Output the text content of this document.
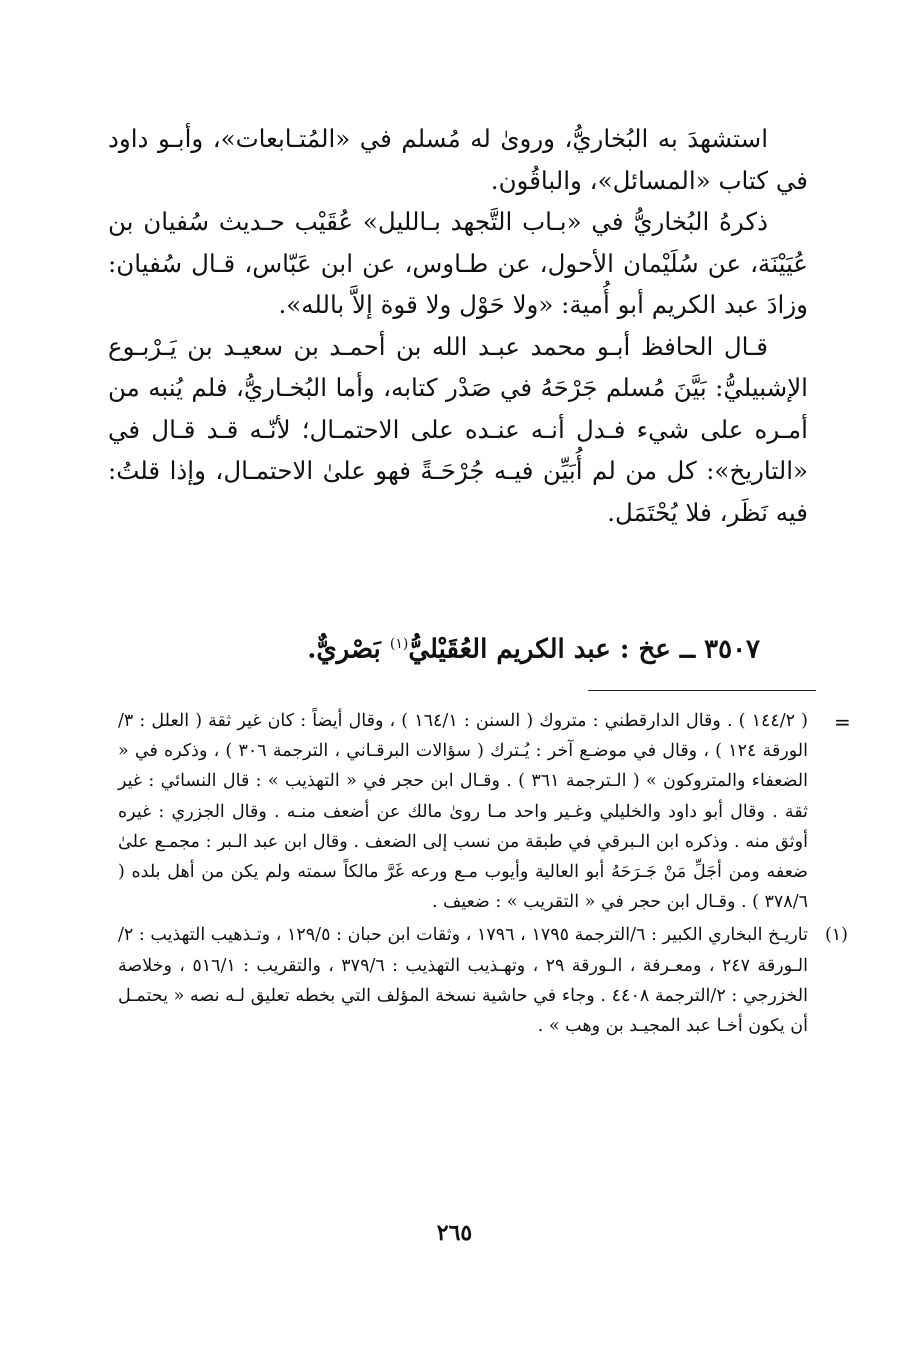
استشهدَ به البُخاريُّ، وروىٰ له مُسلم في «المُتـابعات»، وأبـو داود في كتاب «المسائل»، والباقُون.

ذكرهُ البُخاريُّ في «بـاب التَّجهد بـالليل» عُقَيْب حـديث سُفيان بن عُيَيْنَة، عن سُلَيْمان الأحول، عن طـاوس، عن ابن عَبّاس، قـال سُفيان: وزادَ عبد الكريم أبو أُمية: «ولا حَوْل ولا قوة إلاَّ بالله».

قـال الحافظ أبـو محمد عبـد الله بن أحمـد بن سعيـد بن يَـرْبـوع الإشبيليُّ: بَيَّنَ مُسلم جَرْحَهُ في صَدْر كتابه، وأما البُخـاريُّ، فلم يُنبه من أمـره على شيء فـدل أنـه عنـده على الاحتمـال؛ لأنّـه قـد قـال في «التاريخ»: كل من لم أُبَيِّن فيـه جُرْحَـةً فهو علىٰ الاحتمـال، وإذا قلتُ: فيه نَظَر، فلا يُحْتَمَل.

٣٥٠٧ ــ عخ : عبد الكريم العُقَيْليُّ$^{(١)}$ بَصْريٌّ.
=

( ١٤٤/٢ ) . وقال الدارقطني : متروك ( السنن : ١٦٤/١ ) ، وقال أيضاً : كان غير ثقة ( العلل : ٣/الورقة ١٢٤ ) ، وقال في موضـع آخر : يُـترك ( سؤالات البرقـاني ، الترجمة ٣٠٦ ) ، وذكره في « الضعفاء والمتروكون » ( الـترجمة ٣٦١ ) . وقـال ابن حجر في « التهذيب » : قال النسائي : غير ثقة . وقال أبو داود والخليلي وغـير واحد مـا روىٰ مالك عن أضعف منـه . وقال الجزري : غيره أوثق منه . وذكره ابن الـبرقي في طبقة من نسب إلى الضعف . وقال ابن عبد الـبر : مجمـع علىٰ ضعفه ومن أجَلِّ مَنْ جَـرَحَهُ أبو العالية وأيوب مـع ورعه غَرَّ مالكاً سمته ولم يكن من أهل بلده ( ٣٧٨/٦ ) . وقـال ابن حجر في « التقريب » : ضعيف .

(١)
تاريـخ البخاري الكبير : ٦/الترجمة ١٧٩٥ ، ١٧٩٦ ، وثقات ابن حبان : ١٢٩/٥ ، وتـذهيب التهذيب : ٢/الـورقة ٢٤٧ ، ومعـرفة ، الـورقة ٢٩ ، وتهـذيب التهذيب : ٣٧٩/٦ ، والتقريب : ٥١٦/١ ، وخلاصة الخزرجي : ٢/الترجمة ٤٤٠٨ . وجاء في حاشية نسخة المؤلف التي بخطه تعليق لـه نصه « يحتمـل أن يكون أخـا عبد المجيـد بن وهب » .

٢٦٥
